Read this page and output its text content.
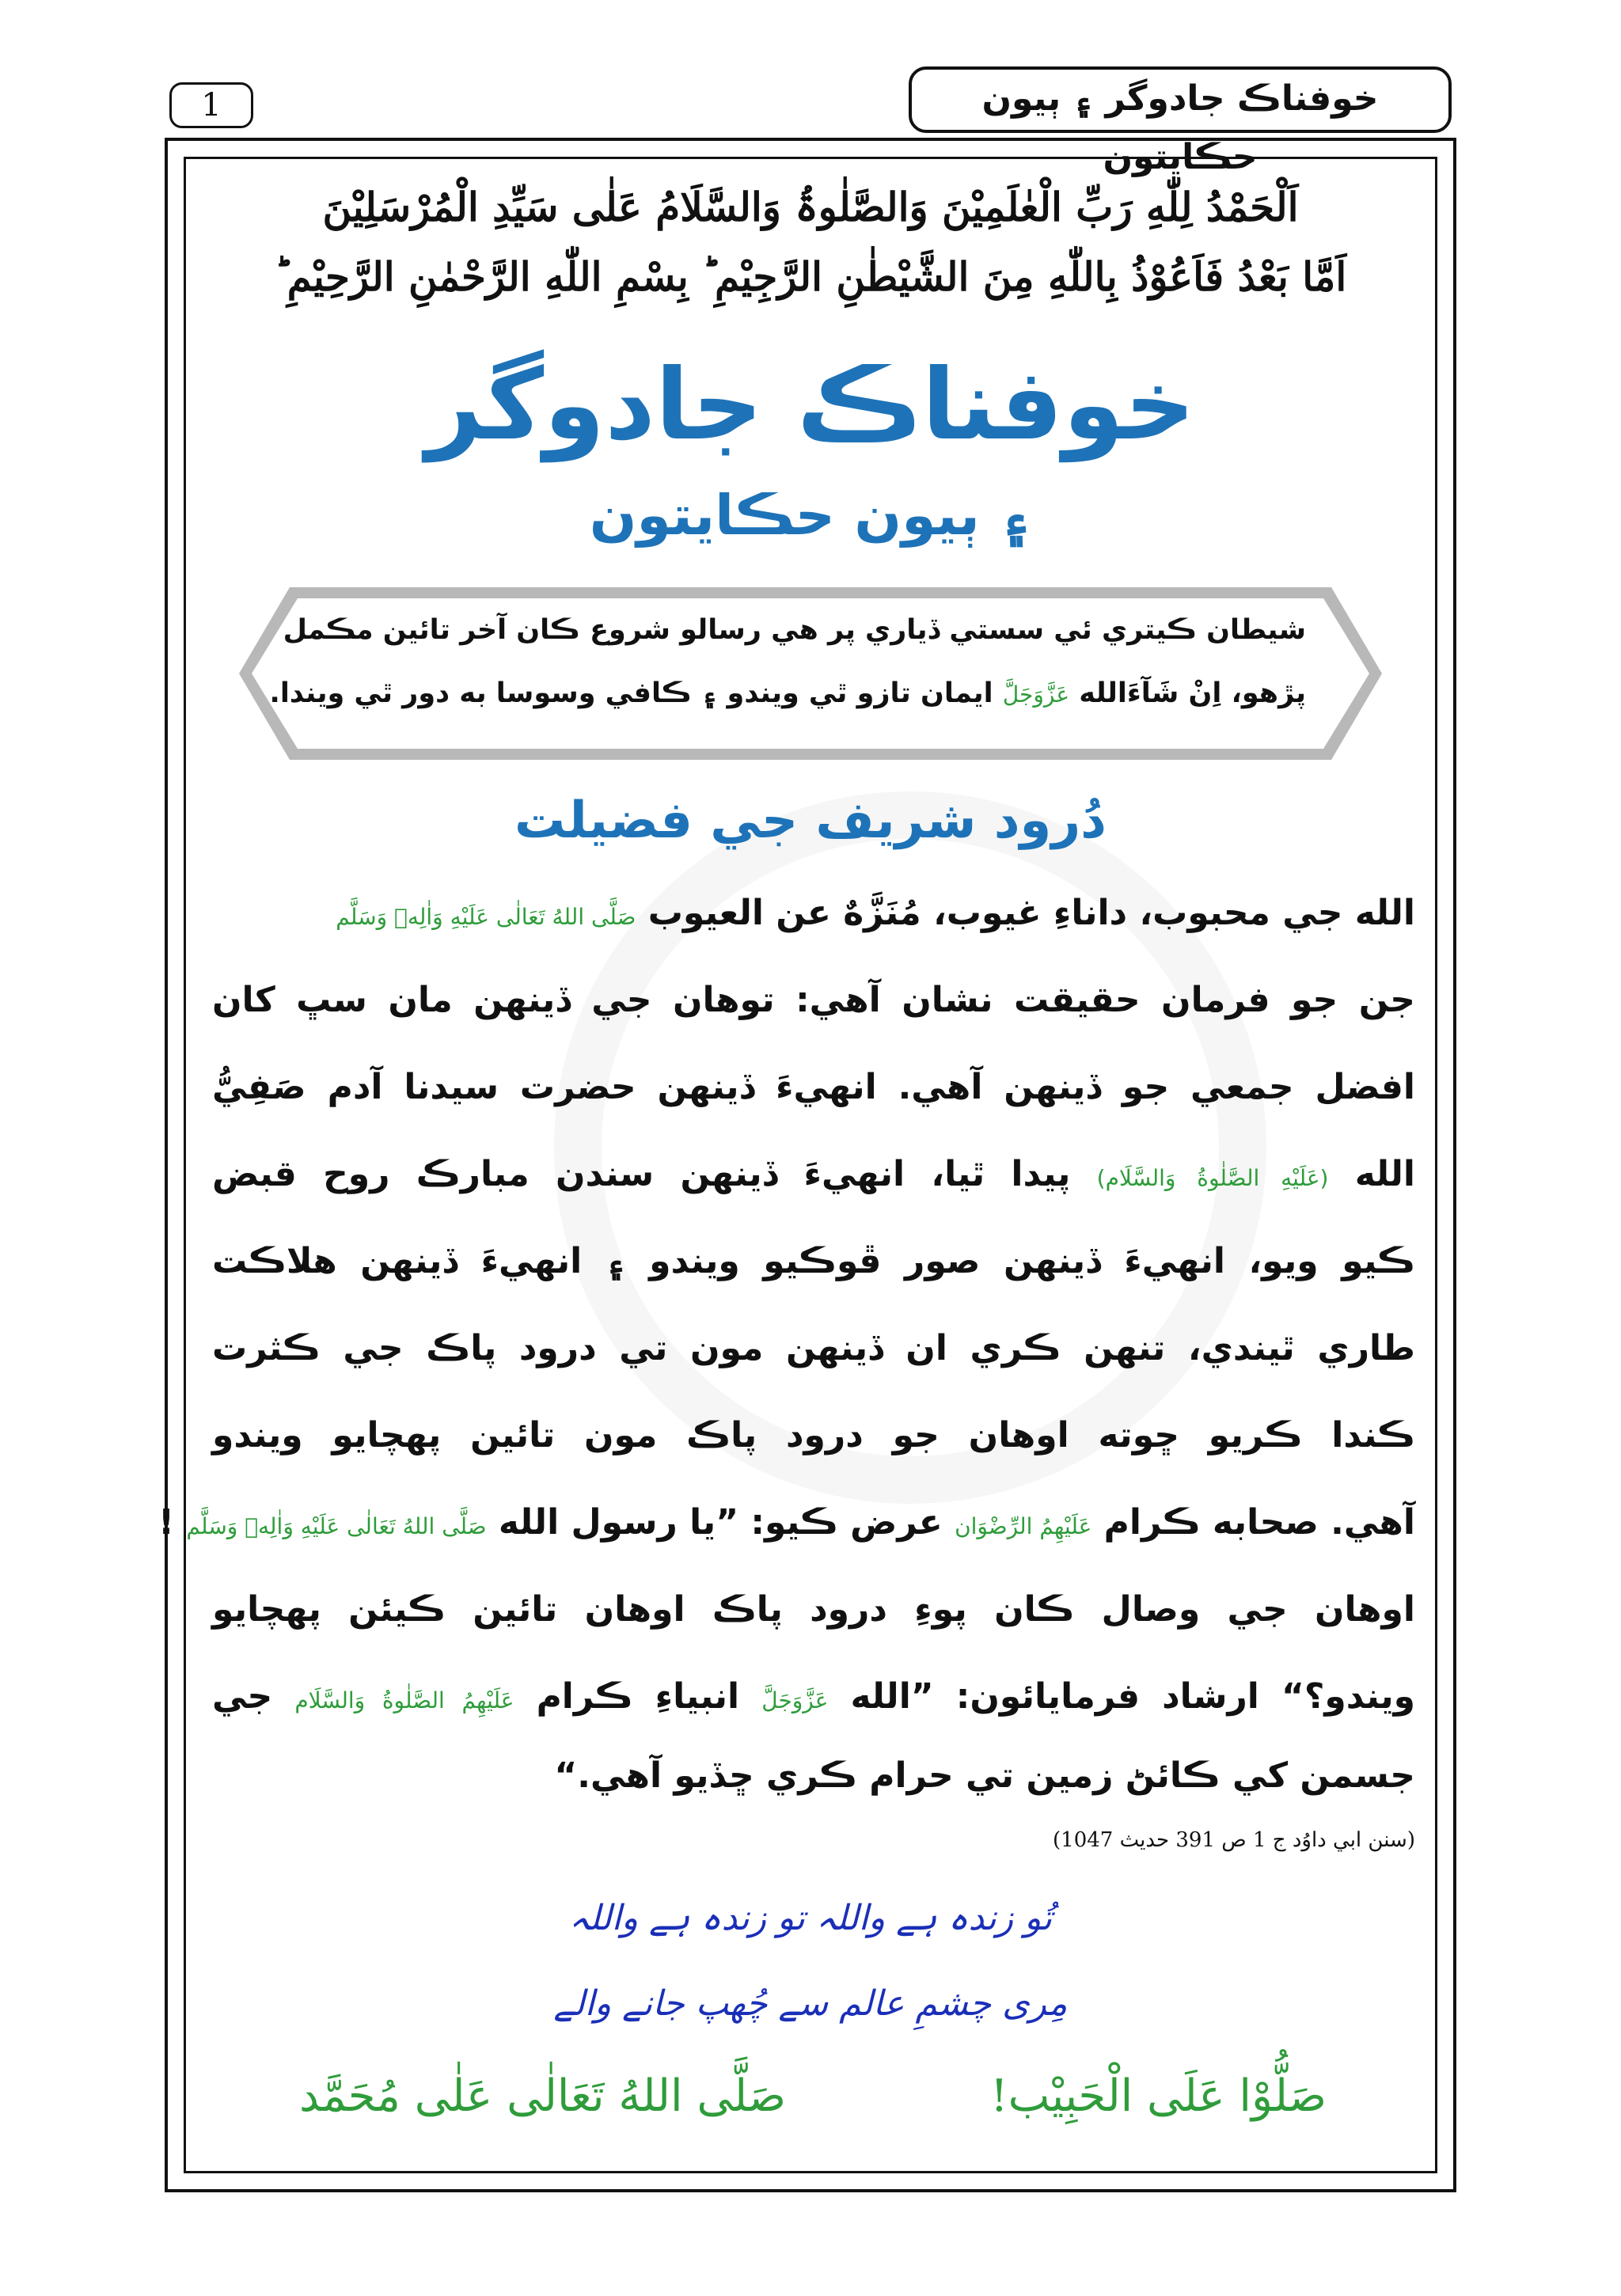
1	خوفناڪ جادوگر ۽ ٻيون حڪايتون
اَلْحَمْدُ لِلّٰهِ رَبِّ الْعٰلَمِیْنَ وَالصَّلٰوۃُ وَالسَّلَامُ عَلٰی سَیِّدِ الْمُرْسَلِیْنَ
اَمَّا بَعْدُ فَاَعُوْذُ بِاللّٰهِ مِنَ الشَّیْطٰنِ الرَّجِیْمِ ؕ بِسْمِ اللّٰهِ الرَّحْمٰنِ الرَّحِیْمِ ؕ
خوفناڪ جادوگر
۽ ٻيون حڪايتون
شيطان ڪيتري ئي سستي ڏياري پر هي رسالو شروع ڪان آخر تائين مڪمل
پڙهو، اِنْ شَآءَالله عَزَّوَجَلَّ ايمان تازو ٿي ويندو ۽ ڪافي وسوسا به دور ٿي ويندا.
دُرود شريف جي فضيلت
الله جي محبوب، داناءِ غيوب، مُنَزَّهٌ عن العيوب صَلَّى اللهُ تَعَالٰى عَلَيْهِ وَاٰلِهٖ وَسَلَّم
جن جو فرمان حقيقت نشان آهي: توهان جي ڏينهن مان سڀ کان
افضل جمعي جو ڏينهن آهي. انهيءَ ڏينهن حضرت سيدنا آدم صَفِيُّ
الله (عَلَيْهِ الصَّلٰوةُ وَالسَّلَام) پيدا ٿيا، انهيءَ ڏينهن سندن مبارڪ روح قبض
ڪيو ويو، انهيءَ ڏينهن صور ڦوڪيو ويندو ۽ انهيءَ ڏينهن هلاڪت
طاري ٿيندي، تنهن ڪري ان ڏينهن مون تي درود پاڪ جي ڪثرت
ڪندا ڪريو ڇوته اوهان جو درود پاڪ مون تائين پهچايو ويندو
آهي. صحابه ڪرام عَلَيْهِمُ الرِّضْوَان عرض ڪيو: ”يا رسول الله صَلَّى اللهُ تَعَالٰى عَلَيْهِ وَاٰلِهٖ وَسَلَّم !
اوهان جي وصال ڪان پوءِ درود پاڪ اوهان تائين ڪيئن پهچايو
ويندو؟“ ارشاد فرمايائون: ”الله عَزَّوَجَلَّ انبياءِ ڪرام عَلَيْهِمُ الصَّلٰوةُ وَالسَّلَام جي
جسمن کي ڪائڻ زمين تي حرام ڪري ڇڏيو آهي.“
(سنن ابي داوُد ج 1 ص 391 حديث 1047)
تُو زندہ ہے واللہ تو زندہ ہے واللہ
مِری چشمِ عالم سے چُھپ جانے والے
صَلُّوْا عَلَى الْحَبِيْب!
صَلَّى اللهُ تَعَالٰى عَلٰى مُحَمَّد
